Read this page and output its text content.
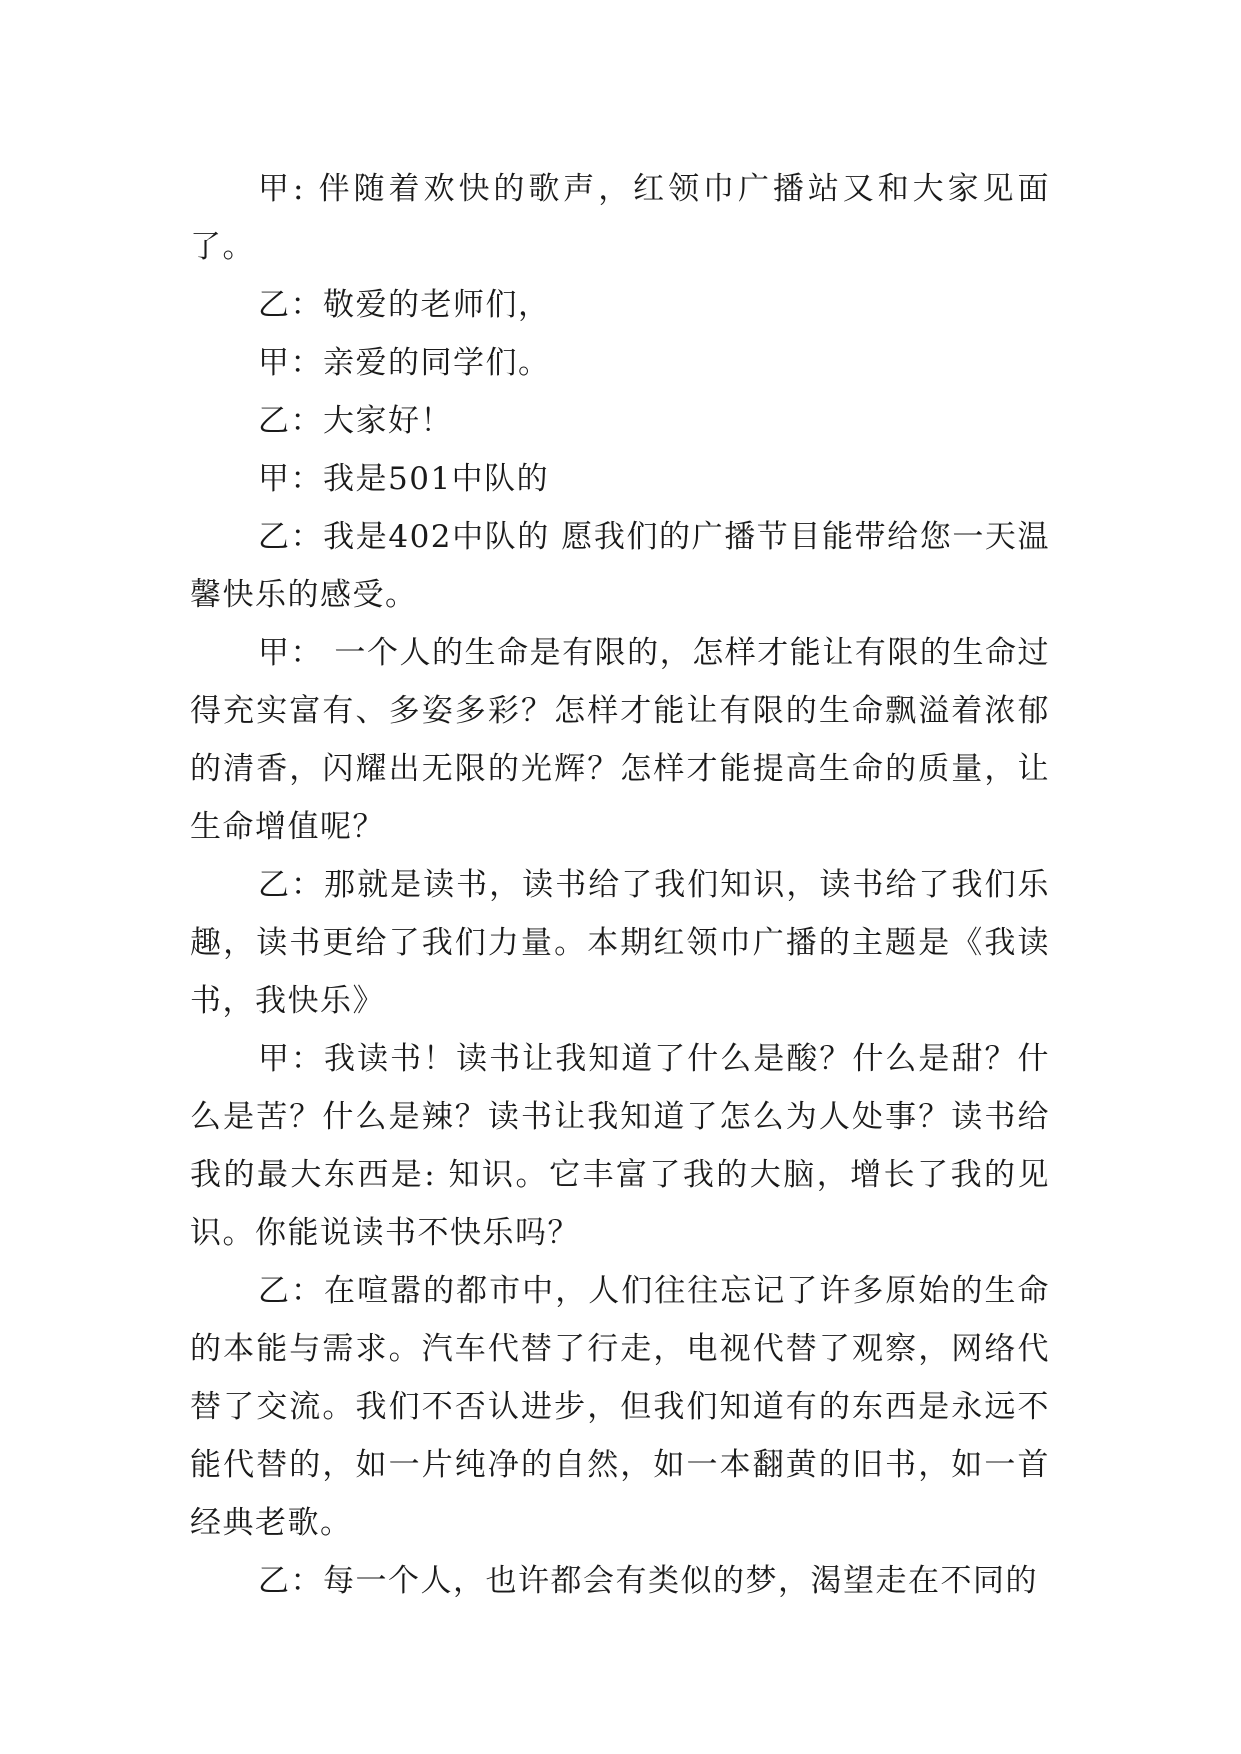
甲: 伴随着欢快的歌声，红领巾广播站又和大家见面了。

乙：敬爱的老师们，

甲：亲爱的同学们。

乙：大家好！

甲：我是501中队的

乙：我是402中队的 愿我们的广播节目能带给您一天温馨快乐的感受。

甲： 一个人的生命是有限的，怎样才能让有限的生命过得充实富有、多姿多彩？怎样才能让有限的生命飘溢着浓郁的清香，闪耀出无限的光辉？怎样才能提高生命的质量，让生命增值呢？

乙：那就是读书，读书给了我们知识，读书给了我们乐趣，读书更给了我们力量。本期红领巾广播的主题是《我读书，我快乐》

甲：我读书！读书让我知道了什么是酸？什么是甜？什么是苦？什么是辣？读书让我知道了怎么为人处事？读书给我的最大东西是: 知识。它丰富了我的大脑，增长了我的见识。你能说读书不快乐吗？

乙：在喧嚣的都市中，人们往往忘记了许多原始的生命的本能与需求。汽车代替了行走，电视代替了观察，网络代替了交流。我们不否认进步，但我们知道有的东西是永远不能代替的，如一片纯净的自然，如一本翻黄的旧书，如一首经典老歌。

乙：每一个人，也许都会有类似的梦，渴望走在不同的
